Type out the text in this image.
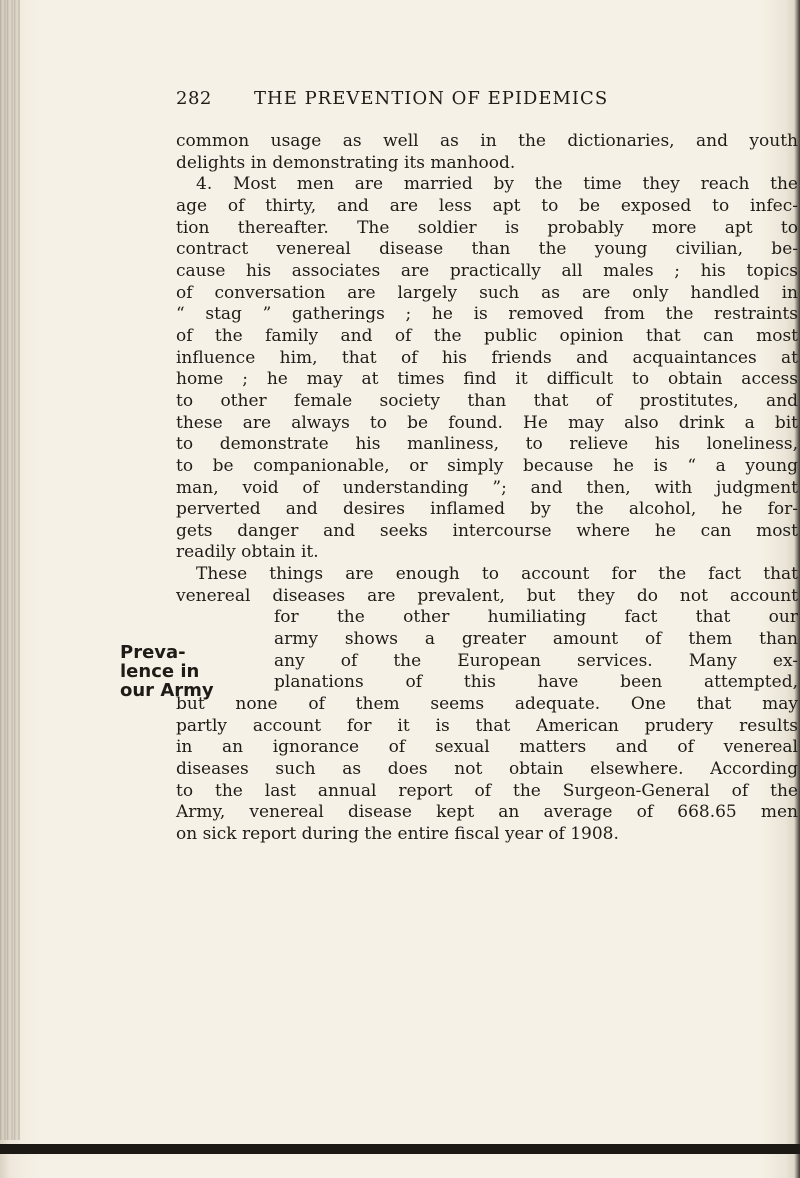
282 THE PREVENTION OF EPIDEMICS
Preva-
lence in
our Army
common usage as well as in the dictionaries, and youth
delights in demonstrating its manhood.
4. Most men are married by the time they reach the
age of thirty, and are less apt to be exposed to infec-
tion thereafter. The soldier is probably more apt to
contract venereal disease than the young civilian, be-
cause his associates are practically all males ; his topics
of conversation are largely such as are only handled in
“ stag ” gatherings ; he is removed from the restraints
of the family and of the public opinion that can most
influence him, that of his friends and acquaintances at
home ; he may at times find it difficult to obtain access
to other female society than that of prostitutes, and
these are always to be found. He may also drink a bit
to demonstrate his manliness, to relieve his loneliness,
to be companionable, or simply because he is “ a young
man, void of understanding ”; and then, with judgment
perverted and desires inflamed by the alcohol, he for-
gets danger and seeks intercourse where he can most
readily obtain it.
These things are enough to account for the fact that
venereal diseases are prevalent, but they do not account
for the other humiliating fact that our
army shows a greater amount of them than
any of the European services. Many ex-
planations of this have been attempted,
but none of them seems adequate. One that may
partly account for it is that American prudery results
in an ignorance of sexual matters and of venereal
diseases such as does not obtain elsewhere. According
to the last annual report of the Surgeon-General of the
Army, venereal disease kept an average of 668.65 men
on sick report during the entire fiscal year of 1908.
